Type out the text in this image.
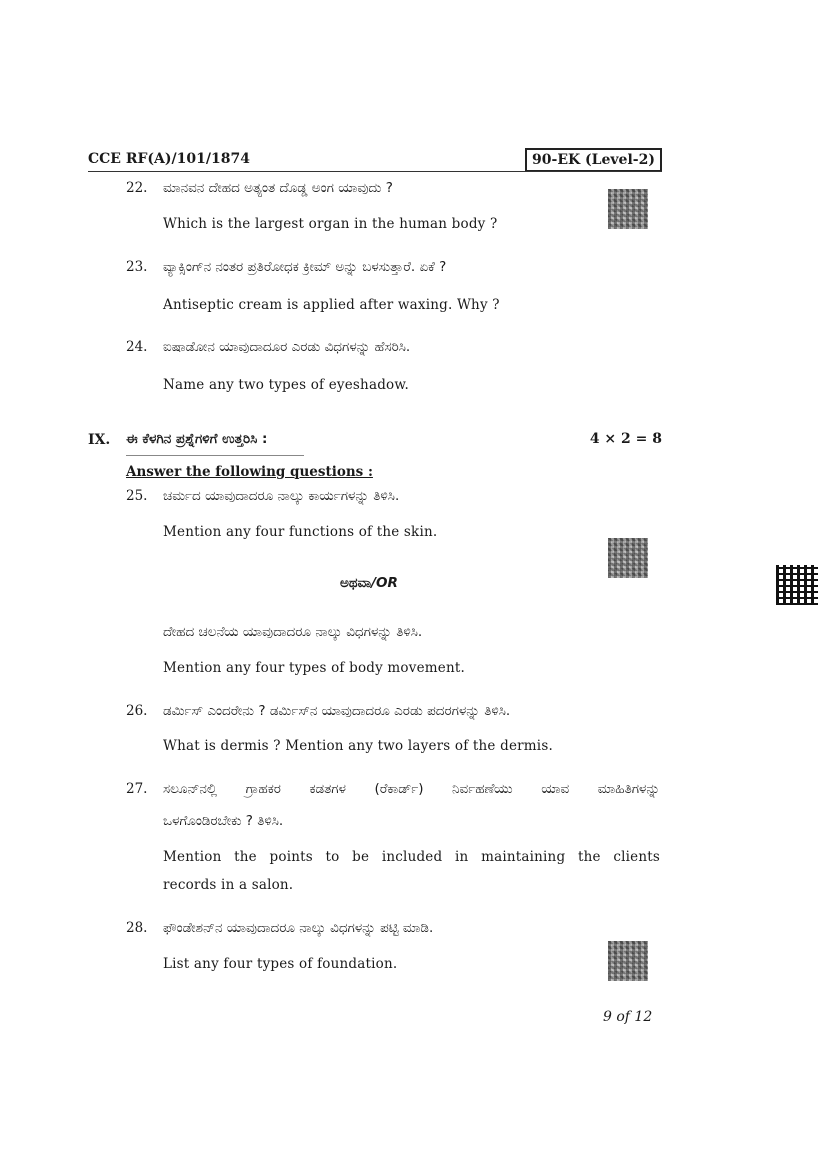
CCE RF(A)/101/1874	90-EK (Level-2)
22.	ಮಾನವನ ದೇಹದ ಅತ್ಯಂತ ದೊಡ್ಡ ಅಂಗ ಯಾವುದು ?
Which is the largest organ in the human body ?
23.	ವ್ಯಾಕ್ಸಿಂಗ್‌ನ ನಂತರ ಪ್ರತಿರೋಧಕ ಕ್ರೀಮ್ ಅನ್ನು ಬಳಸುತ್ತಾರೆ. ಏಕೆ ?
Antiseptic cream is applied after waxing. Why ?
24.	ಐಷಾಡೋನ ಯಾವುದಾದೂರ ಎರಡು ವಿಧಗಳನ್ನು ಹೆಸರಿಸಿ.
Name any two types of eyeshadow.
IX. ಈ ಕೆಳಗಿನ ಪ್ರಶ್ನೆಗಳಿಗೆ ಉತ್ತರಿಸಿ :	4 × 2 = 8
Answer the following questions :
25.	ಚರ್ಮದ ಯಾವುದಾದರೂ ನಾಲ್ಕು ಕಾರ್ಯಗಳನ್ನು ತಿಳಿಸಿ.
Mention any four functions of the skin.
ಅಥವಾ/OR
ದೇಹದ ಚಲನೆಯ ಯಾವುದಾದರೂ ನಾಲ್ಕು ವಿಧಗಳನ್ನು ತಿಳಿಸಿ.
Mention any four types of body movement.
26.	ಡರ್ಮಿಸ್ ಎಂದರೇನು ? ಡರ್ಮಿಸ್‌ನ ಯಾವುದಾದರೂ ಎರಡು ಪದರಗಳನ್ನು ತಿಳಿಸಿ.
What is dermis ? Mention any two layers of the dermis.
27.	ಸಲೂನ್‌ನಲ್ಲಿ ಗ್ರಾಹಕರ ಕಡತಗಳ (ರೆಕಾರ್ಡ್) ನಿರ್ವಹಣೆಯು ಯಾವ ಮಾಹಿತಿಗಳನ್ನು
ಒಳಗೊಂಡಿರಬೇಕು ? ತಿಳಿಸಿ.
Mention the points to be included in maintaining the clients
records in a salon.
28.	ಫೌಂಡೇಶನ್‌ನ ಯಾವುದಾದರೂ ನಾಲ್ಕು ವಿಧಗಳನ್ನು ಪಟ್ಟಿ ಮಾಡಿ.
List any four types of foundation.
9 of 12
